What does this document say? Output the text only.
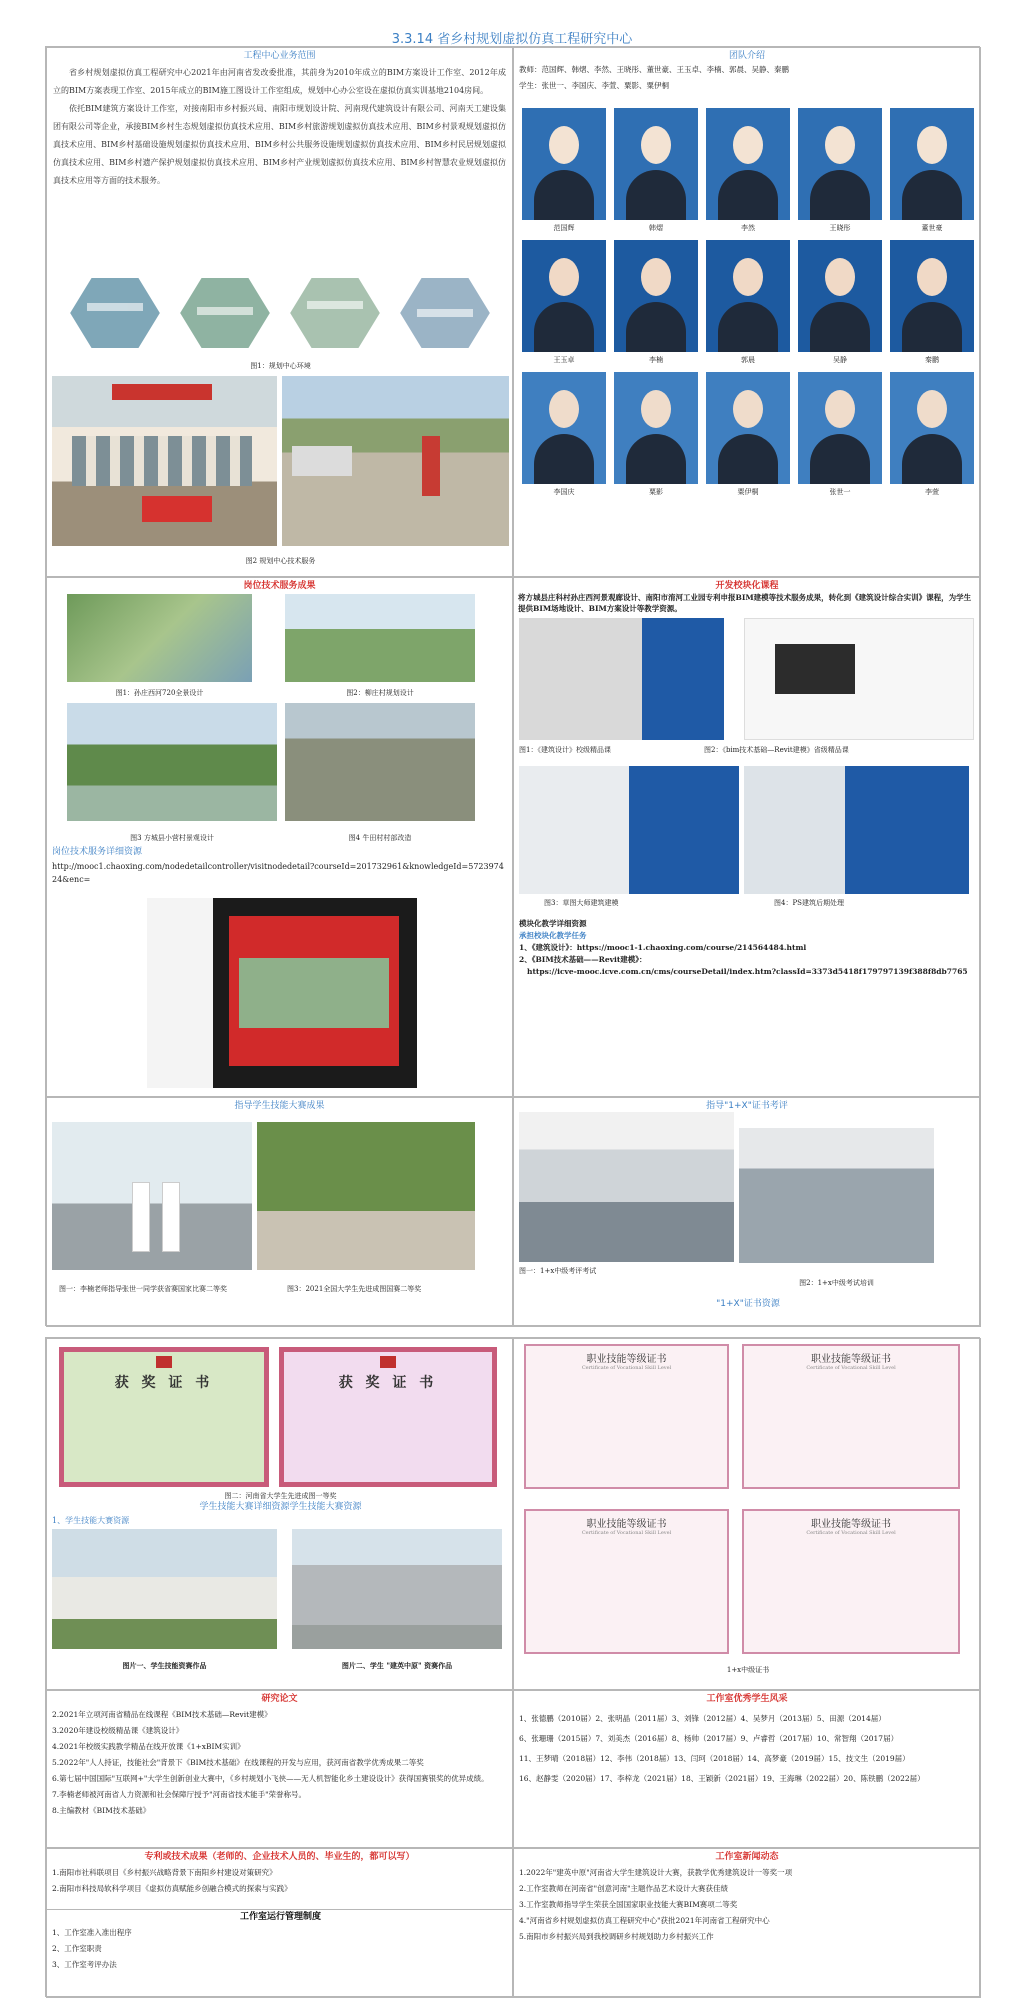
3.3.14 省乡村规划虚拟仿真工程研究中心
工程中心业务范围
省乡村规划虚拟仿真工程研究中心2021年由河南省发改委批准，其前身为2010年成立的BIM方案设计工作室、2012年成立的BIM方案表现工作室、2015年成立的BIM施工图设计工作室组成，规划中心办公室设在虚拟仿真实训基地2104房间。
依托BIM建筑方案设计工作室，对接南阳市乡村振兴局、南阳市规划设计院、河南现代建筑设计有限公司、河南天工建设集团有限公司等企业，承接BIM乡村生态规划虚拟仿真技术应用、BIM乡村旅游规划虚拟仿真技术应用、BIM乡村景观规划虚拟仿真技术应用、BIM乡村基础设施规划虚拟仿真技术应用、BIM乡村公共服务设施规划虚拟仿真技术应用、BIM乡村民居规划虚拟仿真技术应用、BIM乡村遗产保护规划虚拟仿真技术应用、BIM乡村产业规划虚拟仿真技术应用、BIM乡村智慧农业规划虚拟仿真技术应用等方面的技术服务。
图1：规划中心环境
图2 规划中心技术服务
团队介绍
教师：范国辉、韩熠、李然、王晓彤、董世豪、王玉卓、李楠、郭晨、吴静、秦鹏
学生：张世一、李国庆、李萱、粟影、粟伊桐
范国辉	韩熠	李然	王晓彤	董世豪
王玉卓	李楠	郭晨	吴静	秦鹏
李国庆	粟影	粟伊桐	张世一	李萱
岗位技术服务成果
图1：孙庄西河720全景设计	图2：柳庄村规划设计
图3 方城县小营村景观设计	图4 牛田村村部改造
岗位技术服务详细资源
http://mooc1.chaoxing.com/nodedetailcontroller/visitnodedetail?courseId=201732961&knowledgeId=572397424&enc=
开发校块化课程
将方城县庄科村孙庄西河景观廊设计、南阳市淯河工业园专利申报BIM建模等技术服务成果，转化到《建筑设计综合实训》课程，为学生提供BIM场地设计、BIM方案设计等教学资源。
图1：《建筑设计》校级精品课	图2：《bim技术基础—Revit建模》省级精品课
图3：草图大师建筑建模	图4：PS建筑后期处理
模块化教学详细资源
承担校块化教学任务
1、《建筑设计》：https://mooc1-1.chaoxing.com/course/214564484.html
2、《BIM技术基础——Revit建模》：
https://icve-mooc.icve.com.cn/cms/courseDetail/index.htm?classId=3373d5418f179797139f388f8db7765
指导学生技能大赛成果
图一：李楠老师指导张世一同学获省赛国家比赛二等奖	图3：2021全国大学生先进成图国赛二等奖
指导"1+X"证书考评
图一：1+x中级考评考试
图2：1+x中级考试培训
"1+X"证书资源
获 奖 证 书	获 奖 证 书
图二：河南省大学生先进成图一等奖
学生技能大赛详细资源学生技能大赛资源
1、学生技能大赛资源
图片一、学生技能资赛作品	图片二、学生 "建英中原" 资赛作品
职业技能等级证书
Certificate of Vocational Skill Level
职业技能等级证书
Certificate of Vocational Skill Level
职业技能等级证书
Certificate of Vocational Skill Level
职业技能等级证书
Certificate of Vocational Skill Level
1+x中级证书
研究论文
2.2021年立项河南省精品在线课程《BIM技术基础—Revit建模》
3.2020年建设校级精品课《建筑设计》
4.2021年校级实践教学精品在线开放课《1+xBIM实训》
5.2022年"人人持证，技能社会"背景下《BIM技术基础》在线课程的开发与应用，获河南省教学优秀成果二等奖
6.第七届中国国际"互联网+"大学生创新创业大赛中，《乡村规划小飞侠——无人机智能化乡土建设设计》获得国赛银奖的优异成绩。
7.李楠老师被河南省人力资源和社会保障厅授予"河南省技术能手"荣誉称号。
8.主编教材《BIM技术基础》
工作室优秀学生风采
1、张德鹏（2010届）2、张明晶（2011届）3、刘锋（2012届）4、吴梦月（2013届）5、田源（2014届）
6、张珊珊（2015届）7、刘美杰（2016届）8、杨帅（2017届）9、卢睿哲（2017届）10、常智翔（2017届）
11、王梦晴（2018届）12、李伟（2018届）13、闫珂（2018届）14、高梦豪（2019届）15、技文生（2019届）
16、赵静雯（2020届）17、李梓龙（2021届）18、王颖新（2021届）19、王海琳（2022届）20、陈铁鹏（2022届）
专利或技术成果（老师的、企业技术人员的、毕业生的，都可以写）
1.南阳市社科联项目《乡村振兴战略背景下南阳乡村建设对策研究》
2.南阳市科技局软科学项目《虚拟仿真赋能乡创融合模式的探索与实践》
工作室运行管理制度
1、工作室准入准出程序
2、工作室职责
3、工作室考评办法
工作室新闻动态
1.2022年"建英中原"河南省大学生建筑设计大赛，获教学优秀建筑设计一等奖一项
2.工作室教师在河南省"创意河南"主题作品艺术设计大赛获佳绩
3.工作室教师指导学生荣获全国国家职业技能大赛BIM赛项二等奖
4."河南省乡村规划虚拟仿真工程研究中心"获批2021年河南省工程研究中心
5.南阳市乡村振兴局到我校调研乡村规划助力乡村振兴工作
